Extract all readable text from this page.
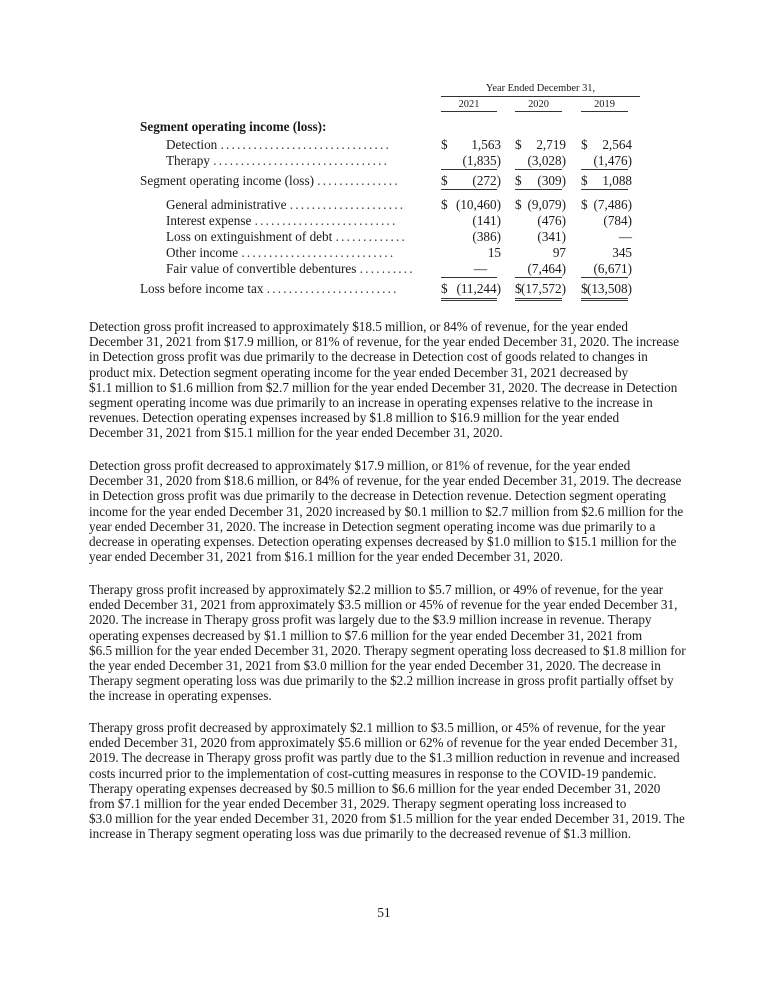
Year Ended December 31,
2021	2020	2019
Segment operating income (loss):
Detection ...............................	$ 1,563 $ 2,719 $ 2,564
Therapy ................................	(1,835) (3,028) (1,476)
Segment operating income (loss) ...............	$ (272) $ (309) $ 1,088
General administrative .....................	$ (10,460) $ (9,079) $ (7,486)
Interest expense ..........................	(141)	(476)	(784)
Loss on extinguishment of debt .............	(386)	(341)	—
Other income ............................	15	97	345
Fair value of convertible debentures ..........	—	(7,464) (6,671)
Loss before income tax ........................	$ (11,244) $ (17,572) $ (13,508)

Detection gross profit increased to approximately $18.5 million, or 84% of revenue, for the year ended
December 31, 2021 from $17.9 million, or 81% of revenue, for the year ended December 31, 2020. The increase
in Detection gross profit was due primarily to the decrease in Detection cost of goods related to changes in
product mix. Detection segment operating income for the year ended December 31, 2021 decreased by
$1.1 million to $1.6 million from $2.7 million for the year ended December 31, 2020. The decrease in Detection
segment operating income was due primarily to an increase in operating expenses relative to the increase in
revenues. Detection operating expenses increased by $1.8 million to $16.9 million for the year ended
December 31, 2021 from $15.1 million for the year ended December 31, 2020.

Detection gross profit decreased to approximately $17.9 million, or 81% of revenue, for the year ended
December 31, 2020 from $18.6 million, or 84% of revenue, for the year ended December 31, 2019. The decrease
in Detection gross profit was due primarily to the decrease in Detection revenue. Detection segment operating
income for the year ended December 31, 2020 increased by $0.1 million to $2.7 million from $2.6 million for the
year ended December 31, 2020. The increase in Detection segment operating income was due primarily to a
decrease in operating expenses. Detection operating expenses decreased by $1.0 million to $15.1 million for the
year ended December 31, 2021 from $16.1 million for the year ended December 31, 2020.

Therapy gross profit increased by approximately $2.2 million to $5.7 million, or 49% of revenue, for the year
ended December 31, 2021 from approximately $3.5 million or 45% of revenue for the year ended December 31,
2020. The increase in Therapy gross profit was largely due to the $3.9 million increase in revenue. Therapy
operating expenses decreased by $1.1 million to $7.6 million for the year ended December 31, 2021 from
$6.5 million for the year ended December 31, 2020. Therapy segment operating loss decreased to $1.8 million for
the year ended December 31, 2021 from $3.0 million for the year ended December 31, 2020. The decrease in
Therapy segment operating loss was due primarily to the $2.2 million increase in gross profit partially offset by
the increase in operating expenses.

Therapy gross profit decreased by approximately $2.1 million to $3.5 million, or 45% of revenue, for the year
ended December 31, 2020 from approximately $5.6 million or 62% of revenue for the year ended December 31,
2019. The decrease in Therapy gross profit was partly due to the $1.3 million reduction in revenue and increased
costs incurred prior to the implementation of cost-cutting measures in response to the COVID-19 pandemic.
Therapy operating expenses decreased by $0.5 million to $6.6 million for the year ended December 31, 2020
from $7.1 million for the year ended December 31, 2029. Therapy segment operating loss increased to
$3.0 million for the year ended December 31, 2020 from $1.5 million for the year ended December 31, 2019. The
increase in Therapy segment operating loss was due primarily to the decreased revenue of $1.3 million.

51
